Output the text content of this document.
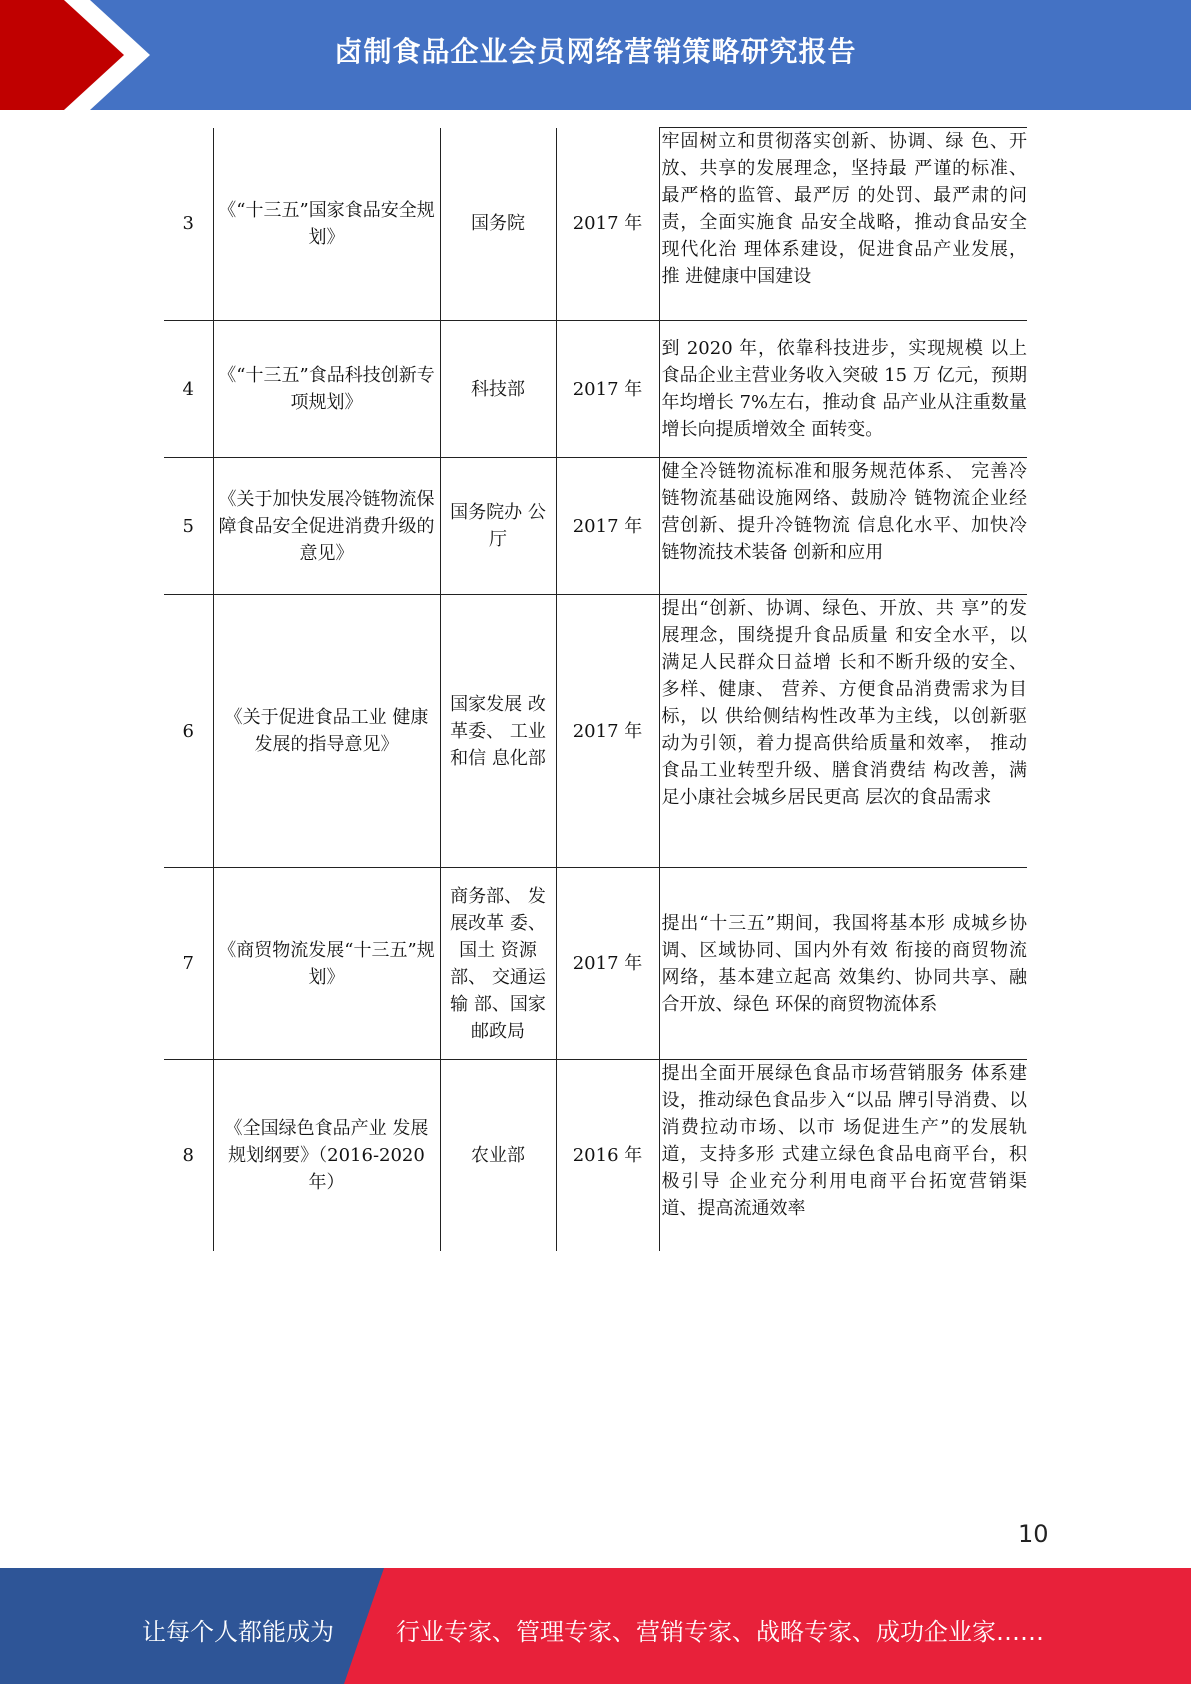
卤制食品企业会员网络营销策略研究报告
3	《“十三五”国家食品安全规划》	国务院	2017 年	牢固树立和贯彻落实创新、协调、绿 色、开放、共享的发展理念，坚持最 严谨的标准、最严格的监管、最严厉 的处罚、最严肃的问责，全面实施食 品安全战略，推动食品安全现代化治 理体系建设，促进食品产业发展，推 进健康中国建设
4	《“十三五”食品科技创新专项规划》	科技部	2017 年	到 2020 年，依靠科技进步，实现规模 以上食品企业主营业务收入突破 15 万 亿元，预期年均增长 7%左右，推动食 品产业从注重数量增长向提质增效全 面转变。
5	《关于加快发展冷链物流保障食品安全促进消费升级的意见》	国务院办 公厅	2017 年	健全冷链物流标准和服务规范体系、 完善冷链物流基础设施网络、鼓励冷 链物流企业经营创新、提升冷链物流 信息化水平、加快冷链物流技术装备 创新和应用
6	《关于促进食品工业 健康发展的指导意见》	国家发展 改革委、 工业和信 息化部	2017 年	提出“创新、协调、绿色、开放、共 享”的发展理念，围绕提升食品质量 和安全水平，以满足人民群众日益增 长和不断升级的安全、多样、健康、 营养、方便食品消费需求为目标，以 供给侧结构性改革为主线，以创新驱 动为引领，着力提高供给质量和效率， 推动食品工业转型升级、膳食消费结 构改善，满足小康社会城乡居民更高 层次的食品需求
7	《商贸物流发展“十三五”规划》	商务部、 发展改革 委、国土 资源部、 交通运输 部、国家 邮政局	2017 年	提出“十三五”期间，我国将基本形 成城乡协调、区域协同、国内外有效 衔接的商贸物流网络，基本建立起高 效集约、协同共享、融合开放、绿色 环保的商贸物流体系
8	《全国绿色食品产业 发展规划纲要》（2016-2020 年）	农业部	2016 年	提出全面开展绿色食品市场营销服务 体系建设，推动绿色食品步入“以品 牌引导消费、以消费拉动市场、以市 场促进生产”的发展轨道，支持多形 式建立绿色食品电商平台，积极引导 企业充分利用电商平台拓宽营销渠 道、提高流通效率
10
让每个人都能成为	行业专家、管理专家、营销专家、战略专家、成功企业家……
